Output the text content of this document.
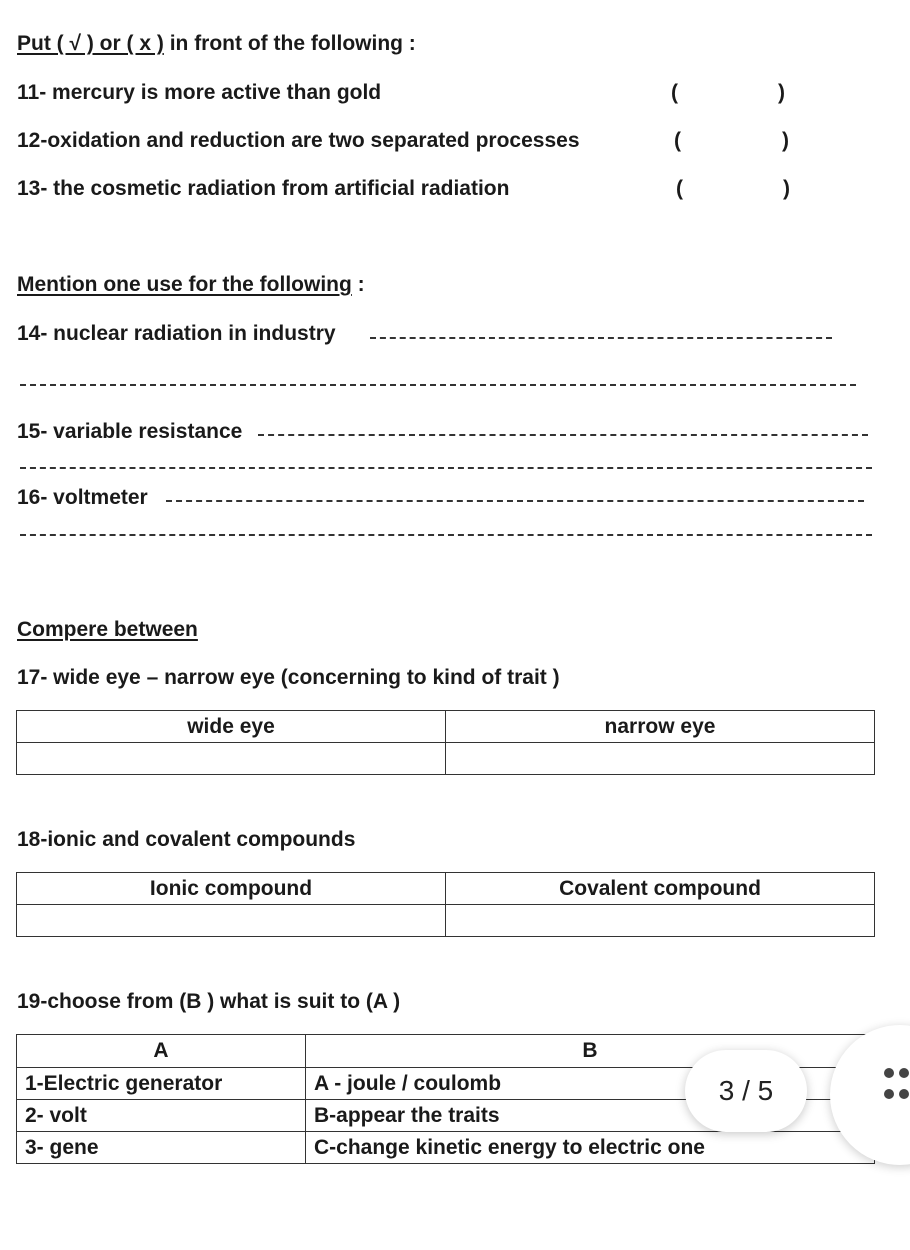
Put ( √ ) or ( x ) in front of the following :
11- mercury is more active than gold	(	)
12-oxidation and reduction are two separated processes	(	)
13- the cosmetic radiation from artificial radiation	(	)
Mention one use for the following :
14- nuclear radiation in industry
15- variable resistance
16- voltmeter
Compere between
17- wide eye – narrow eye (concerning to kind of trait )
wide eye	narrow eye

18-ionic and covalent compounds
Ionic compound	Covalent compound

19-choose from (B ) what is suit to (A )
A	B
1-Electric generator	A - joule / coulomb
2- volt	B-appear the traits
3- gene	C-change kinetic energy to electric one
3 / 5
